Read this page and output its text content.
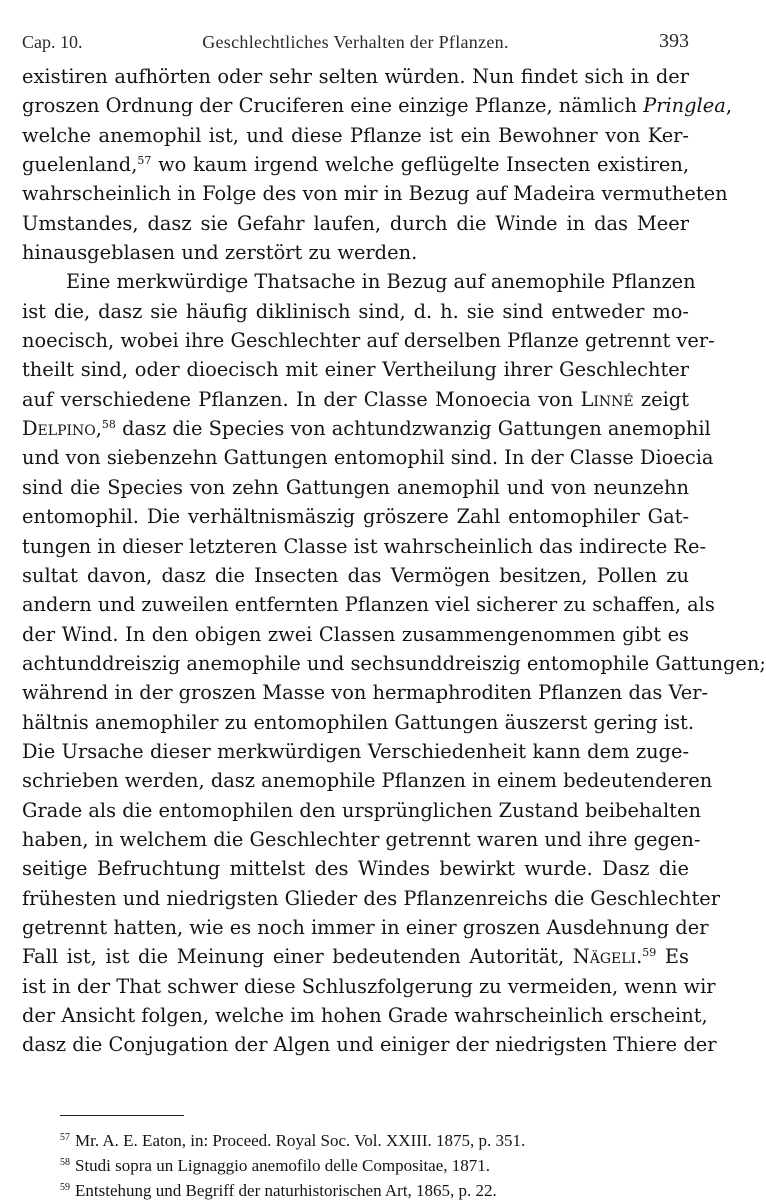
Cap. 10.	Geschlechtliches Verhalten der Pflanzen.	393
existiren aufhörten oder sehr selten würden. Nun findet sich in der
groszen Ordnung der Cruciferen eine einzige Pflanze, nämlich Pringlea,
welche anemophil ist, und diese Pflanze ist ein Bewohner von Ker-
guelenland,$^{57}$ wo kaum irgend welche geflügelte Insecten existiren,
wahrscheinlich in Folge des von mir in Bezug auf Madeira vermutheten
Umstandes, dasz sie Gefahr laufen, durch die Winde in das Meer
hinausgeblasen und zerstört zu werden.
Eine merkwürdige Thatsache in Bezug auf anemophile Pflanzen
ist die, dasz sie häufig diklinisch sind, d. h. sie sind entweder mo-
noecisch, wobei ihre Geschlechter auf derselben Pflanze getrennt ver-
theilt sind, oder dioecisch mit einer Vertheilung ihrer Geschlechter
auf verschiedene Pflanzen. In der Classe Monoecia von Linné zeigt
Delpino,$^{58}$ dasz die Species von achtundzwanzig Gattungen anemophil
und von siebenzehn Gattungen entomophil sind. In der Classe Dioecia
sind die Species von zehn Gattungen anemophil und von neunzehn
entomophil. Die verhältnismäszig gröszere Zahl entomophiler Gat-
tungen in dieser letzteren Classe ist wahrscheinlich das indirecte Re-
sultat davon, dasz die Insecten das Vermögen besitzen, Pollen zu
andern und zuweilen entfernten Pflanzen viel sicherer zu schaffen, als
der Wind. In den obigen zwei Classen zusammengenommen gibt es
achtunddreiszig anemophile und sechsunddreiszig entomophile Gattungen;
während in der groszen Masse von hermaphroditen Pflanzen das Ver-
hältnis anemophiler zu entomophilen Gattungen äuszerst gering ist.
Die Ursache dieser merkwürdigen Verschiedenheit kann dem zuge-
schrieben werden, dasz anemophile Pflanzen in einem bedeutenderen
Grade als die entomophilen den ursprünglichen Zustand beibehalten
haben, in welchem die Geschlechter getrennt waren und ihre gegen-
seitige Befruchtung mittelst des Windes bewirkt wurde. Dasz die
frühesten und niedrigsten Glieder des Pflanzenreichs die Geschlechter
getrennt hatten, wie es noch immer in einer groszen Ausdehnung der
Fall ist, ist die Meinung einer bedeutenden Autorität, Nägeli.$^{59}$ Es
ist in der That schwer diese Schluszfolgerung zu vermeiden, wenn wir
der Ansicht folgen, welche im hohen Grade wahrscheinlich erscheint,
dasz die Conjugation der Algen und einiger der niedrigsten Thiere der
$^{57}$ Mr. A. E. Eaton, in: Proceed. Royal Soc. Vol. XXIII. 1875, p. 351.
$^{58}$ Studi sopra un Lignaggio anemofilo delle Compositae, 1871.
$^{59}$ Entstehung und Begriff der naturhistorischen Art, 1865, p. 22.
